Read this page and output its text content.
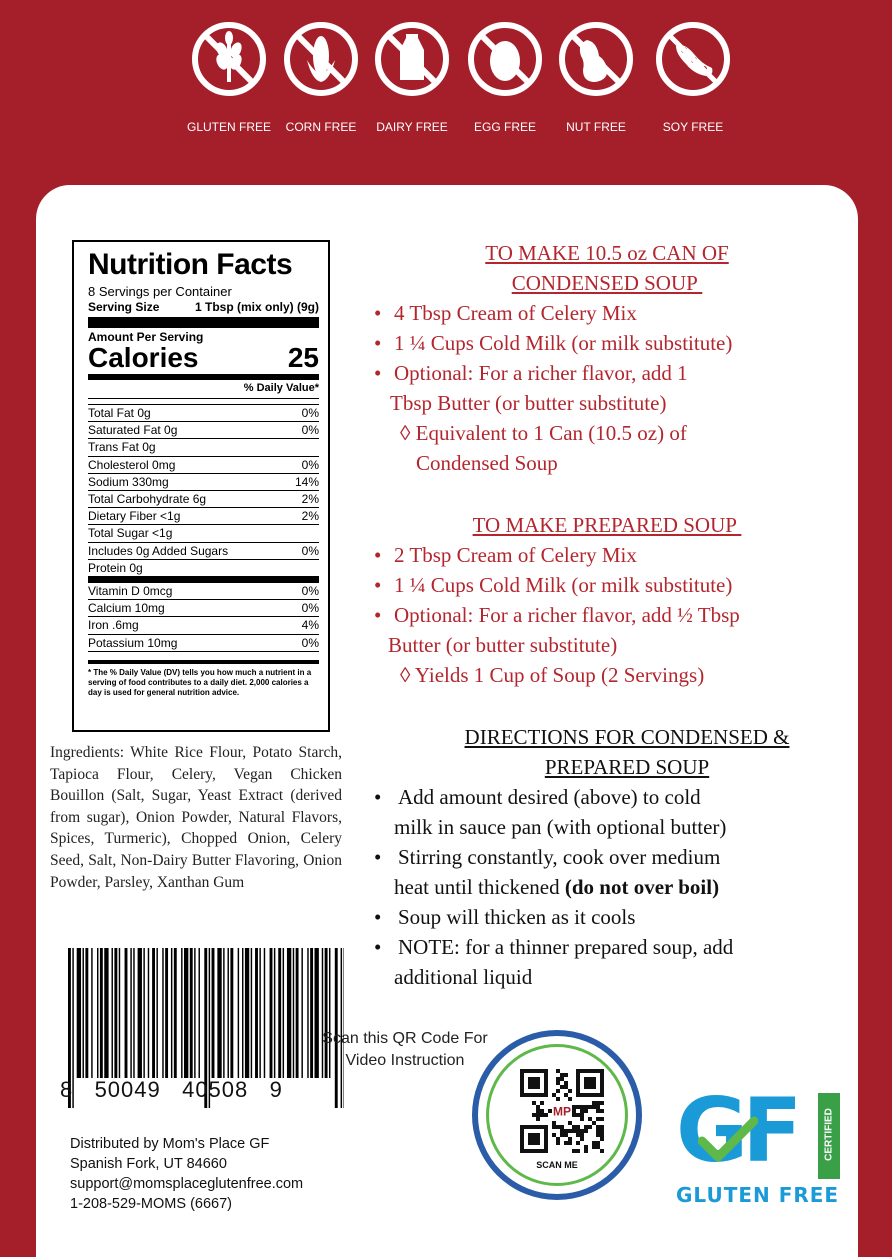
GLUTEN FREE	CORN FREE	DAIRY FREE	EGG FREE	NUT FREE	SOY FREE
Nutrition Facts
8 Servings per Container
Serving Size	1 Tbsp (mix only) (9g)
Amount Per Serving
Calories	25
% Daily Value*
Total Fat 0g	0%
Saturated Fat 0g	0%
Trans Fat 0g
Cholesterol 0mg	0%
Sodium 330mg	14%
Total Carbohydrate 6g	2%
Dietary Fiber <1g	2%
Total Sugar <1g
Includes 0g Added Sugars	0%
Protein 0g
Vitamin D 0mcg	0%
Calcium 10mg	0%
Iron .6mg	4%
Potassium 10mg	0%
* The % Daily Value (DV) tells you how much a nutrient in a serving of food contributes to a daily diet. 2,000 calories a day is used for general nutrition advice.
Ingredients: White Rice Flour, Potato Starch, Tapioca Flour, Celery, Vegan Chicken Bouillon (Salt, Sugar, Yeast Extract (derived from sugar), Onion Powder, Natural Flavors, Spices, Turmeric), Chopped Onion, Celery Seed, Salt, Non-Dairy Butter Flavoring, Onion Powder, Parsley, Xanthan Gum
8   50049   40508   9
Distributed by Mom's Place GF
Spanish Fork, UT 84660
support@momsplaceglutenfree.com
1-208-529-MOMS (6667)
TO MAKE 10.5 oz CAN OF
CONDENSED SOUP
• 4 Tbsp Cream of Celery Mix
• 1 ¼ Cups Cold Milk (or milk substitute)
• Optional: For a richer flavor, add 1
Tbsp Butter (or butter substitute)
◊ Equivalent to 1 Can (10.5 oz) of
Condensed Soup
TO MAKE PREPARED SOUP
• 2 Tbsp Cream of Celery Mix
• 1 ¼ Cups Cold Milk (or milk substitute)
• Optional: For a richer flavor, add ½ Tbsp
Butter (or butter substitute)
◊ Yields 1 Cup of Soup (2 Servings)
DIRECTIONS FOR CONDENSED &
PREPARED SOUP
• Add amount desired (above) to cold
milk in sauce pan (with optional butter)
• Stirring constantly, cook over medium
heat until thickened (do not over boil)
• Soup will thicken as it cools
• NOTE: for a thinner prepared soup, add
additional liquid
Scan this QR Code For
Video Instruction
MP
SCAN ME	GF	CERTIFIED
GLUTEN FREE
